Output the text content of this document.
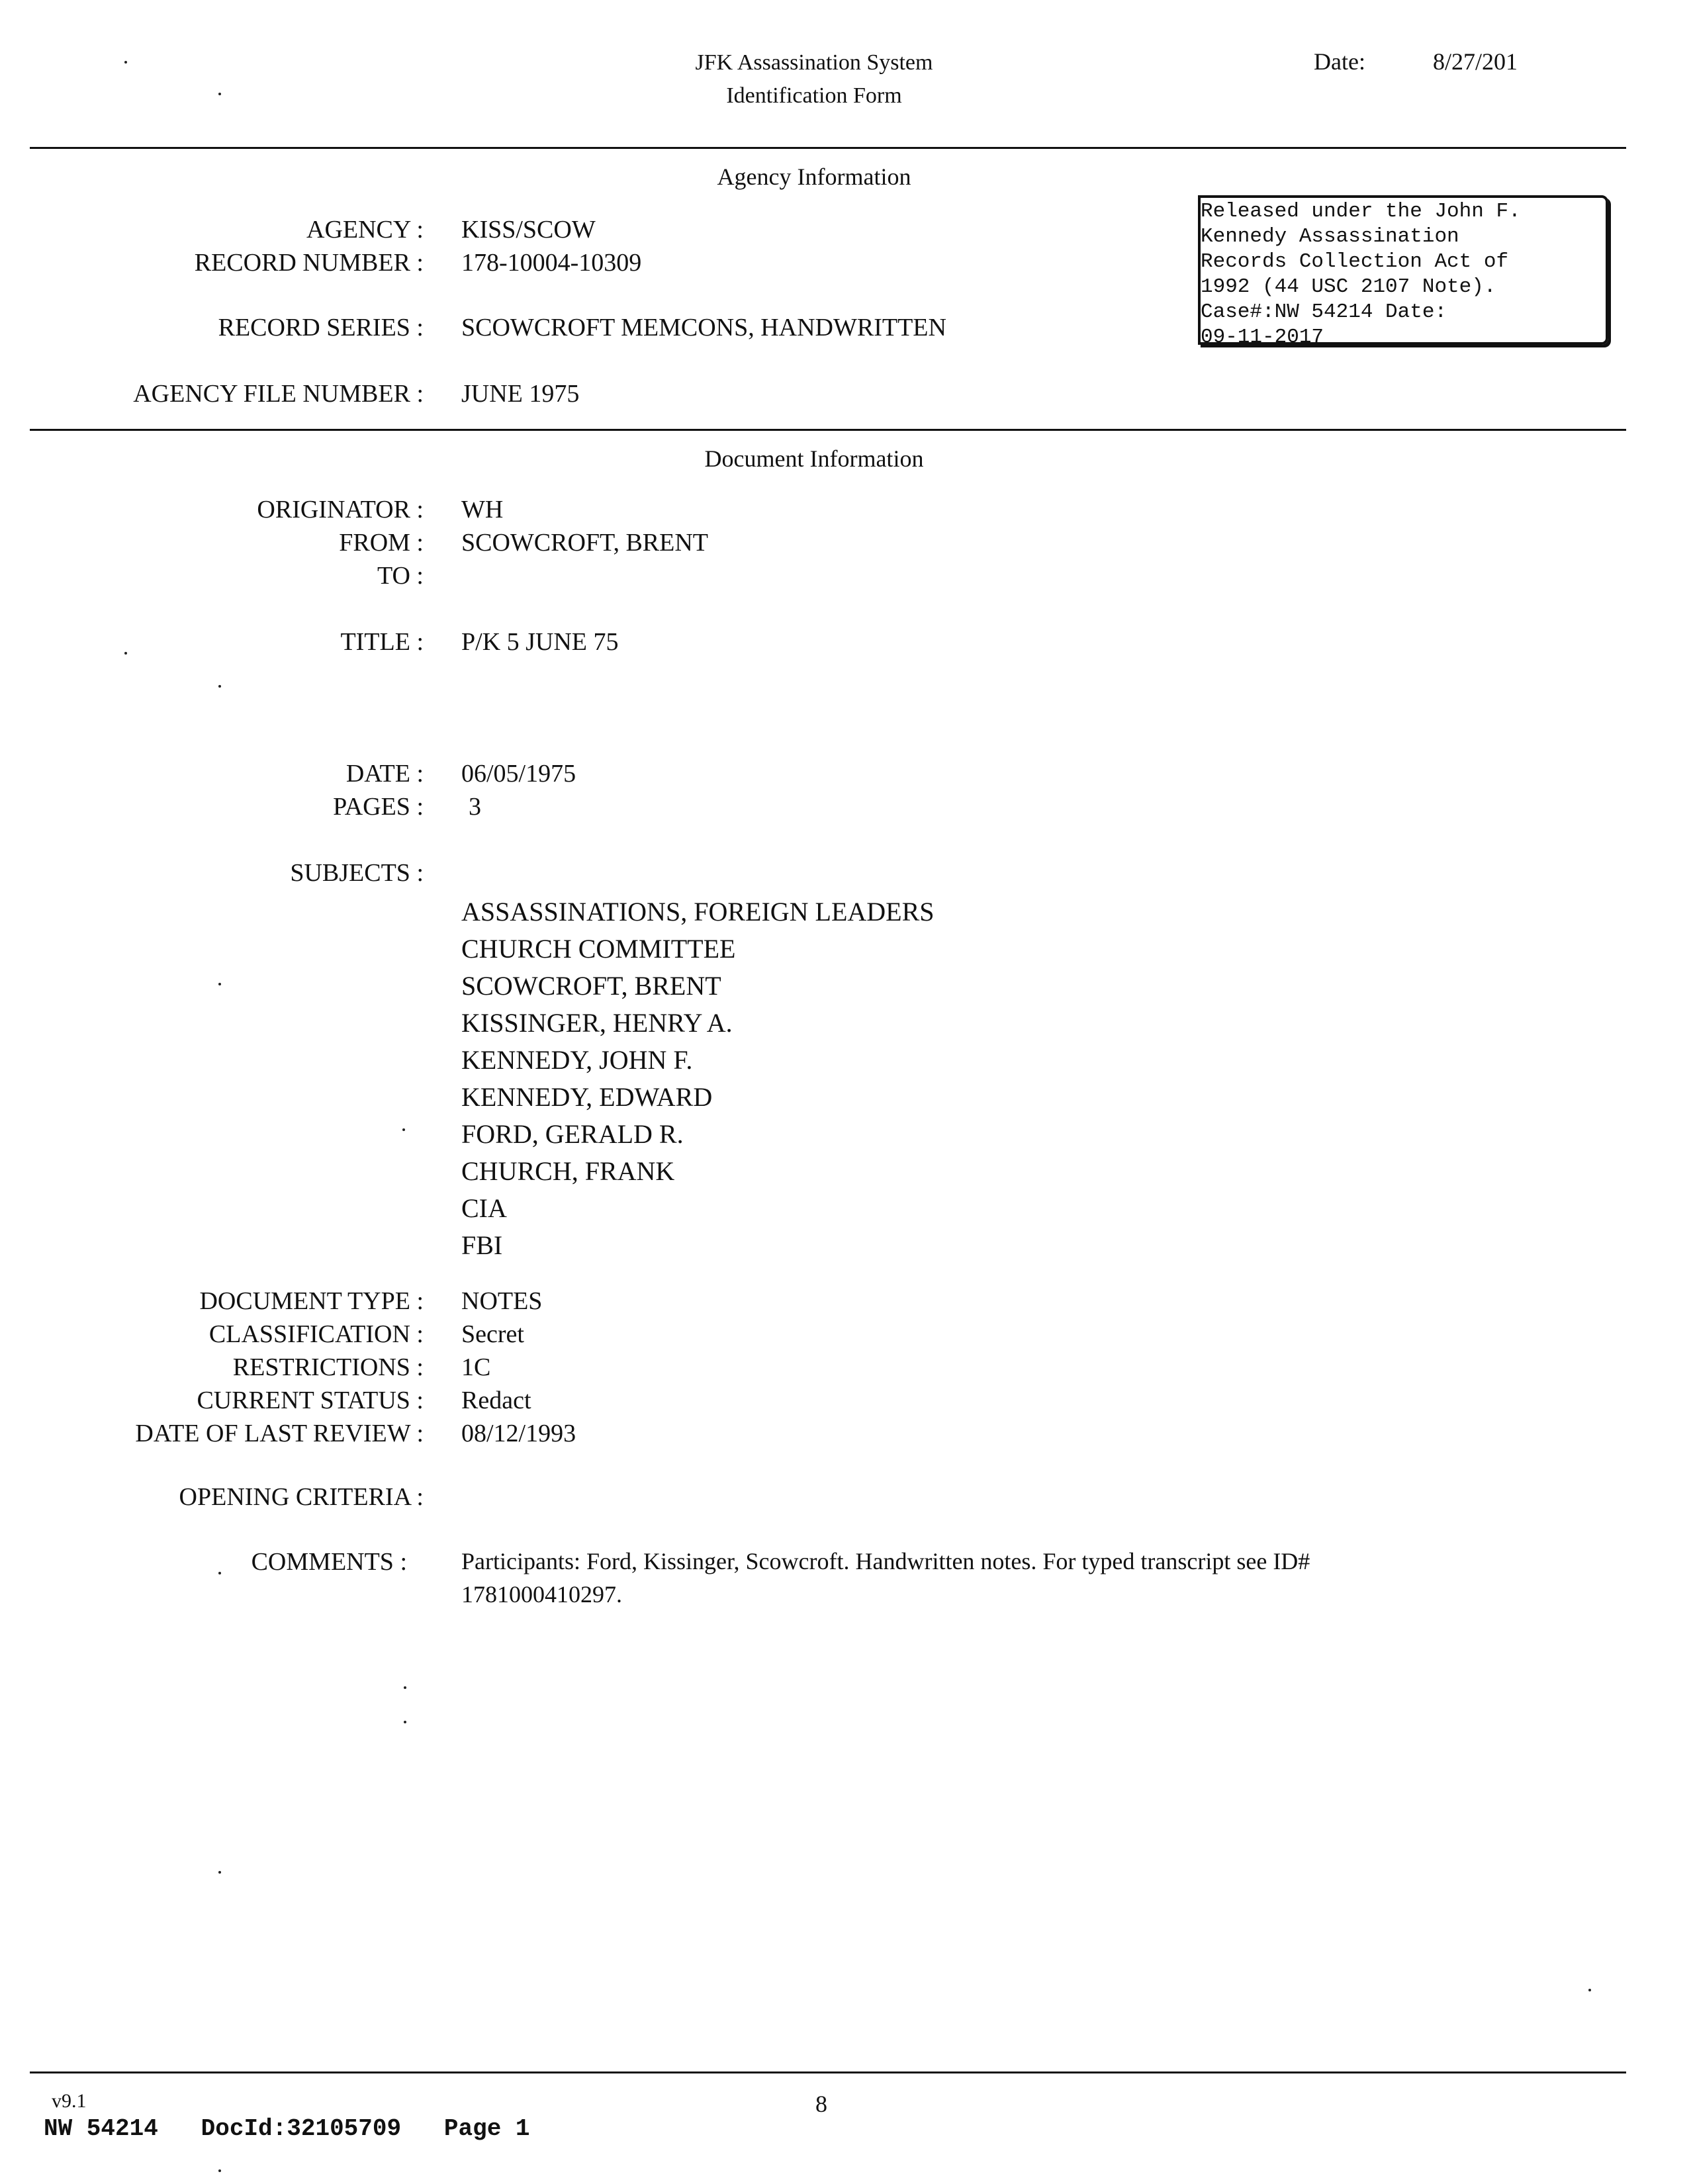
JFK Assassination System
Identification Form
Date:	8/27/201
Agency Information
AGENCY : KISS/SCOW
RECORD NUMBER : 178-10004-10309
RECORD SERIES : SCOWCROFT MEMCONS, HANDWRITTEN
AGENCY FILE NUMBER : JUNE 1975
Released under the John F.
Kennedy Assassination
Records Collection Act of
1992 (44 USC 2107 Note).
Case#:NW 54214 Date:
09-11-2017
Document Information
ORIGINATOR : WH
FROM : SCOWCROFT, BRENT
TO :
TITLE : P/K 5 JUNE 75
DATE : 06/05/1975
PAGES : 3
SUBJECTS :
ASSASSINATIONS, FOREIGN LEADERS
CHURCH COMMITTEE
SCOWCROFT, BRENT
KISSINGER, HENRY A.
KENNEDY, JOHN F.
KENNEDY, EDWARD
FORD, GERALD R.
CHURCH, FRANK
CIA
FBI
DOCUMENT TYPE : NOTES
CLASSIFICATION : Secret
RESTRICTIONS : 1C
CURRENT STATUS : Redact
DATE OF LAST REVIEW : 08/12/1993
OPENING CRITERIA :
COMMENTS : Participants: Ford, Kissinger, Scowcroft. Handwritten notes. For typed transcript see ID#
1781000410297.
v9.1	8
NW 54214   DocId:32105709   Page 1
